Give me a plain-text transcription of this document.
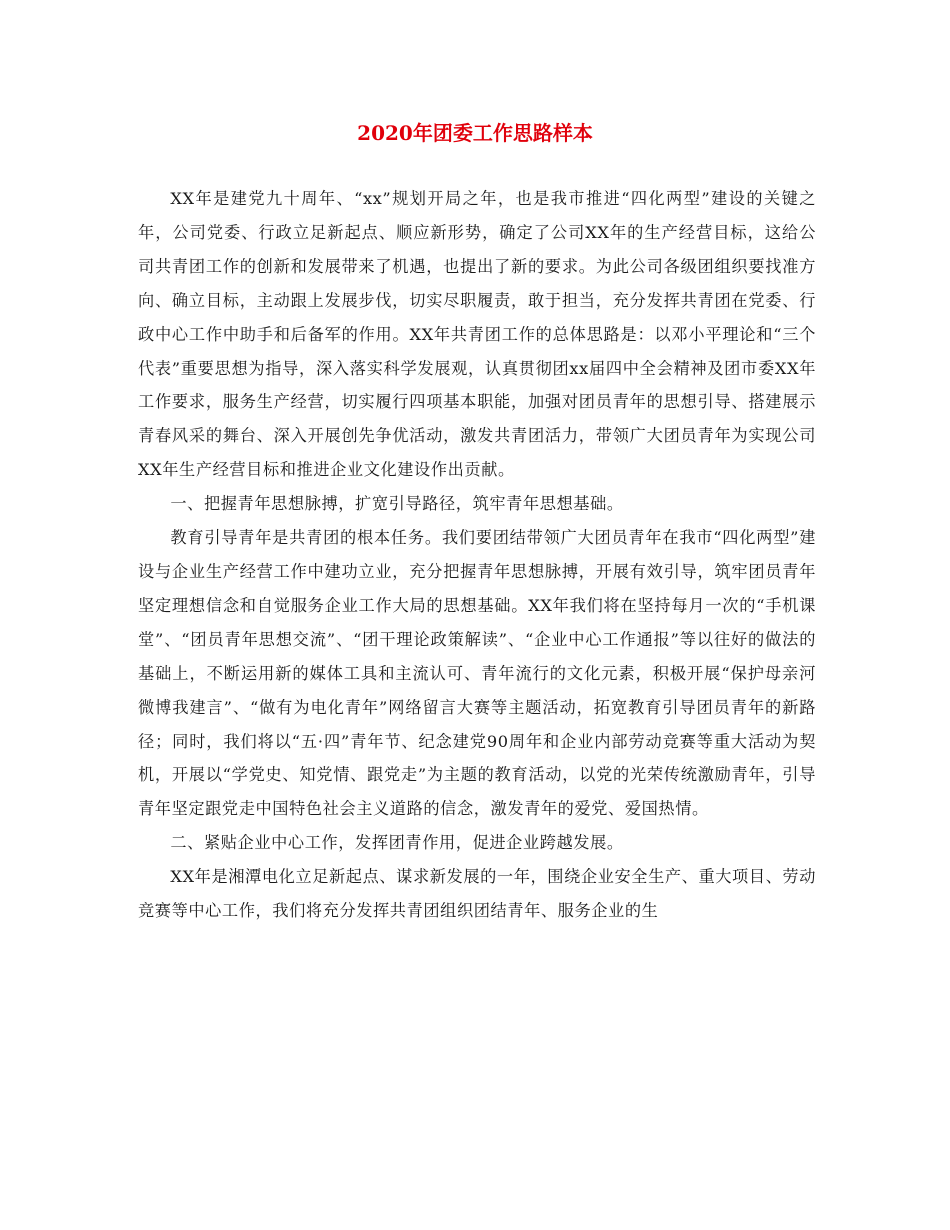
2020年团委工作思路样本

XX年是建党九十周年、“xx”规划开局之年，也是我市推进“四化两型”建设的关键之年，公司党委、行政立足新起点、顺应新形势，确定了公司XX年的生产经营目标，这给公司共青团工作的创新和发展带来了机遇，也提出了新的要求。为此公司各级团组织要找准方向、确立目标，主动跟上发展步伐，切实尽职履责，敢于担当，充分发挥共青团在党委、行政中心工作中助手和后备军的作用。XX年共青团工作的总体思路是：以邓小平理论和“三个代表”重要思想为指导，深入落实科学发展观，认真贯彻团xx届四中全会精神及团市委XX年工作要求，服务生产经营，切实履行四项基本职能，加强对团员青年的思想引导、搭建展示青春风采的舞台、深入开展创先争优活动，激发共青团活力，带领广大团员青年为实现公司XX年生产经营目标和推进企业文化建设作出贡献。

一、把握青年思想脉搏，扩宽引导路径，筑牢青年思想基础。

教育引导青年是共青团的根本任务。我们要团结带领广大团员青年在我市“四化两型”建设与企业生产经营工作中建功立业，充分把握青年思想脉搏，开展有效引导，筑牢团员青年坚定理想信念和自觉服务企业工作大局的思想基础。XX年我们将在坚持每月一次的“手机课堂”、“团员青年思想交流”、“团干理论政策解读”、“企业中心工作通报”等以往好的做法的基础上，不断运用新的媒体工具和主流认可、青年流行的文化元素，积极开展“保护母亲河 微博我建言”、“做有为电化青年”网络留言大赛等主题活动，拓宽教育引导团员青年的新路径；同时，我们将以“五·四”青年节、纪念建党90周年和企业内部劳动竞赛等重大活动为契机，开展以“学党史、知党情、跟党走”为主题的教育活动，以党的光荣传统激励青年，引导青年坚定跟党走中国特色社会主义道路的信念，激发青年的爱党、爱国热情。

二、紧贴企业中心工作，发挥团青作用，促进企业跨越发展。

XX年是湘潭电化立足新起点、谋求新发展的一年，围绕企业安全生产、重大项目、劳动竞赛等中心工作，我们将充分发挥共青团组织团结青年、服务企业的生
